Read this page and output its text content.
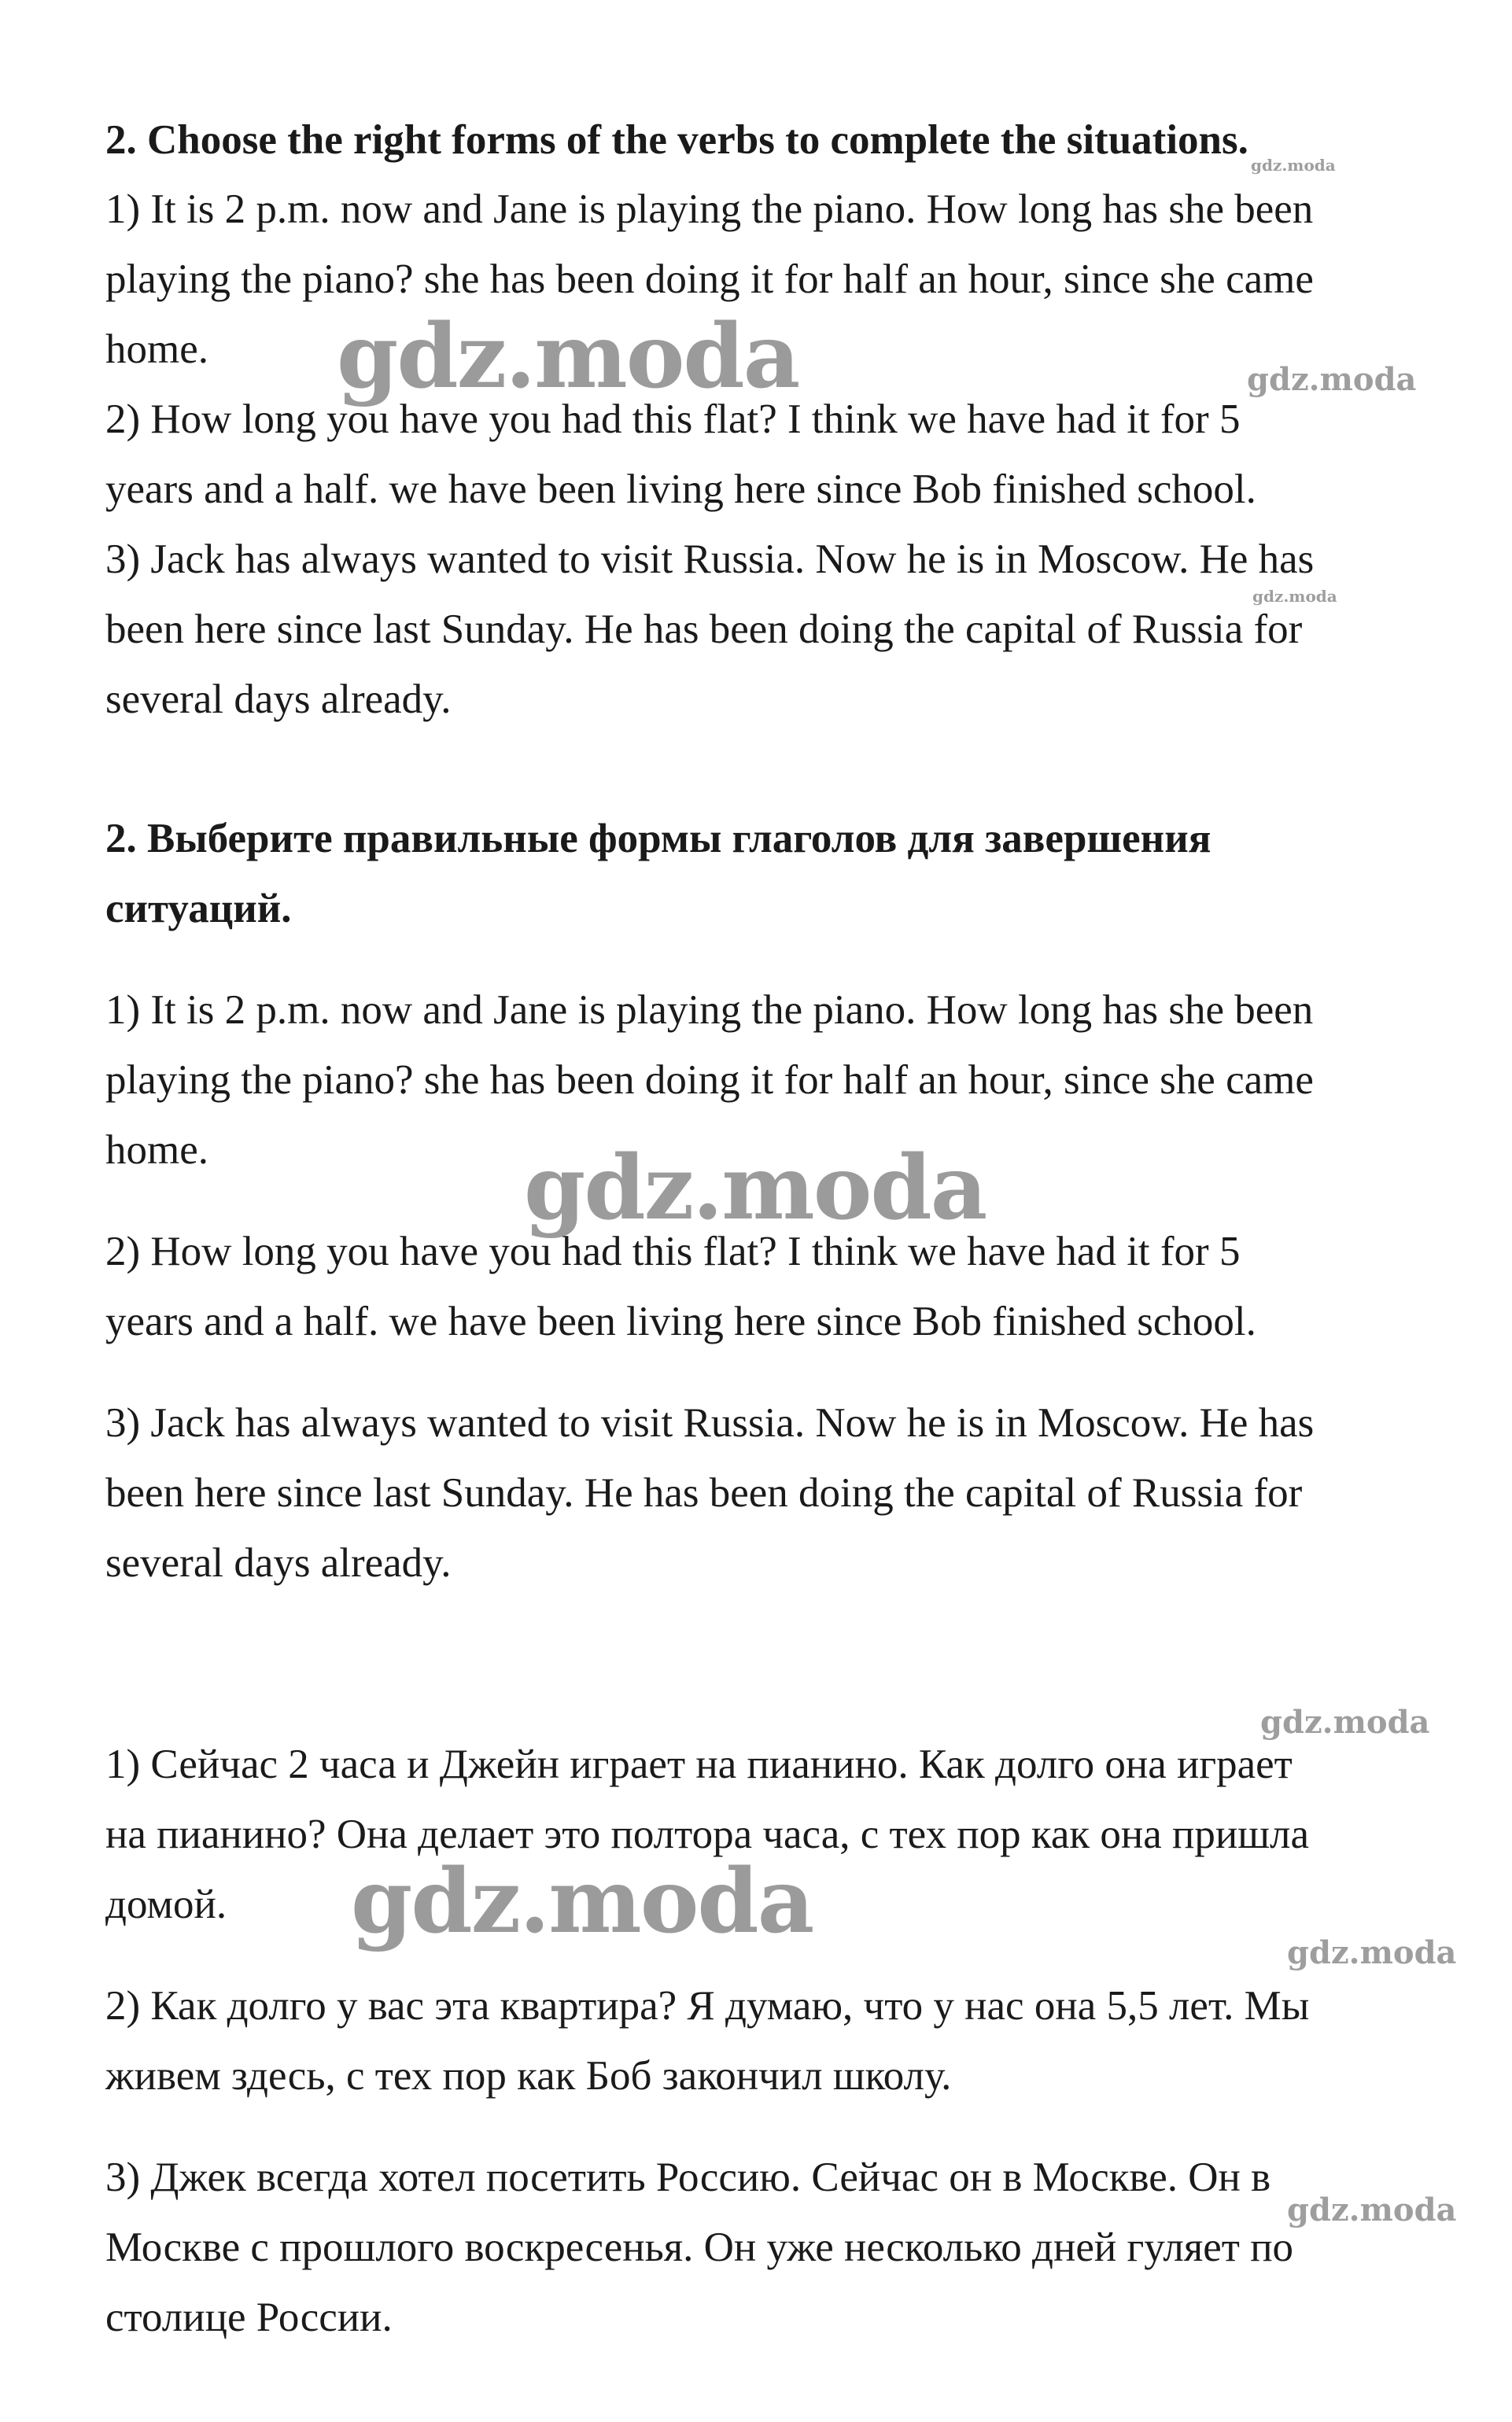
2. Choose the right forms of the verbs to complete the situations.

1) It is 2 p.m. now and Jane is playing the piano. How long has she been
playing the piano? she has been doing it for half an hour, since she came
home.

2) How long you have you had this flat? I think we have had it for 5
years and a half. we have been living here since Bob finished school.

3) Jack has always wanted to visit Russia. Now he is in Moscow. He has
been here since last Sunday. He has been doing the capital of Russia for
several days already.

2. Выберите правильные формы глаголов для завершения

ситуаций.

1) It is 2 p.m. now and Jane is playing the piano. How long has she been
playing the piano? she has been doing it for half an hour, since she came
home.

2) How long you have you had this flat? I think we have had it for 5
years and a half. we have been living here since Bob finished school.

3) Jack has always wanted to visit Russia. Now he is in Moscow. He has
been here since last Sunday. He has been doing the capital of Russia for
several days already.

1) Сейчас 2 часа и Джейн играет на пианино. Как долго она играет
на пианино? Она делает это полтора часа, с тех пор как она пришла
домой.

2) Как долго у вас эта квартира? Я думаю, что у нас она 5,5 лет. Мы
живем здесь, с тех пор как Боб закончил школу.

3) Джек всегда хотел посетить Россию. Сейчас он в Москве. Он в
Москве с прошлого воскресенья. Он уже несколько дней гуляет по
столице России.

gdz.moda
gdz.moda	gdz.moda
gdz.moda
gdz.moda
gdz.moda
gdz.moda	gdz.moda
gdz.moda
